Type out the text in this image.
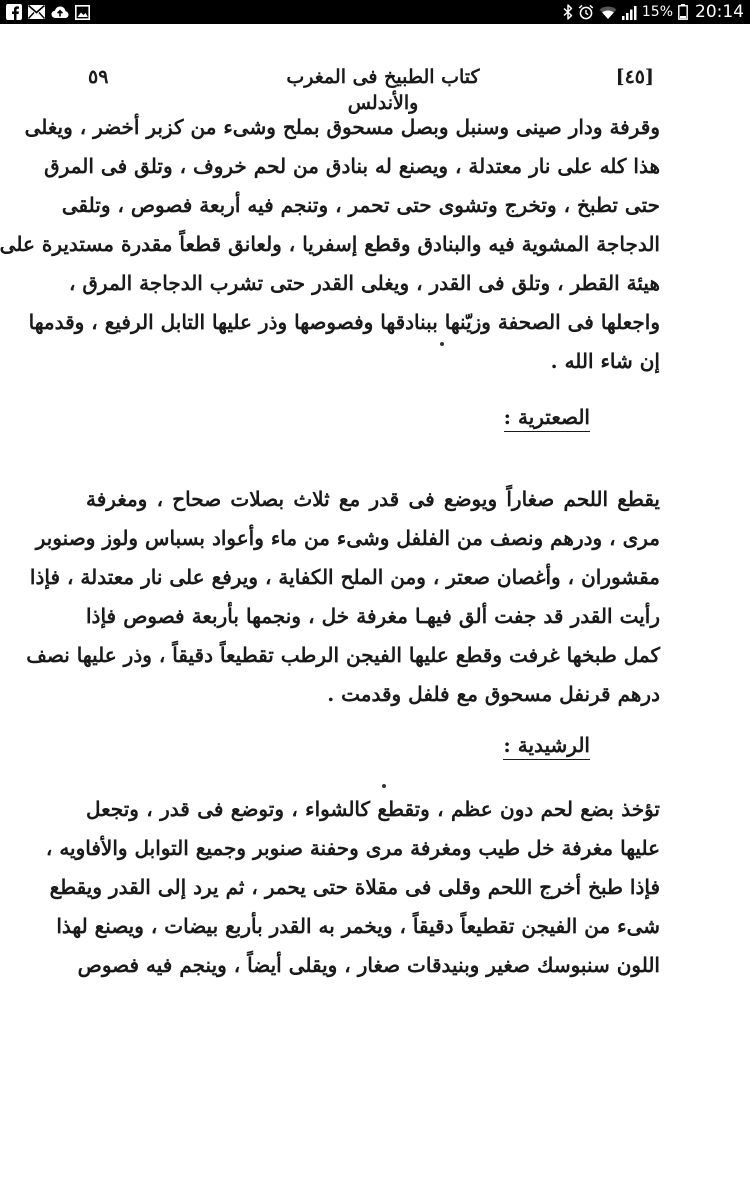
15% 20:14
٥٩	كتاب الطبيخ فى المغرب والأندلس
[٤٥]

وقرفة ودار صينى وسنبل وبصل مسحوق بملح وشىء من كزبر أخضر ، ويغلى
هذا كله على نار معتدلة ، ويصنع له بنادق من لحم خروف ، وتلق فى المرق
حتى تطبخ ، وتخرج وتشوى حتى تحمر ، وتنجم فيه أربعة فصوص ، وتلقى
الدجاجة المشوية فيه والبنادق وقطع إسفريا ، ولعانق قطعاً مقدرة مستديرة على
هيئة القطر ، وتلق فى القدر ، ويغلى القدر حتى تشرب الدجاجة المرق ،
واجعلها فى الصحفة وزيّنها ببنادقها وفصوصها وذر عليها التابل الرفيع ، وقدمها
إن شاء الله .

الصعترية :

يقطع اللحم صغاراً ويوضع فى قدر مع ثلاث بصلات صحاح ، ومغرفة
مرى ، ودرهم ونصف من الفلفل وشىء من ماء وأعواد بسباس ولوز وصنوبر
مقشوران ، وأغصان صعتر ، ومن الملح الكفاية ، ويرفع على نار معتدلة ، فإذا
رأيت القدر قد جفت ألق فيهـا مغرفة خل ، ونجمها بأربعة فصوص فإذا
كمل طبخها غرفت وقطع عليها الفيجن الرطب تقطيعاً دقيقاً ، وذر عليها نصف
درهم قرنفل مسحوق مع فلفل وقدمت .

الرشيدية :

تؤخذ بضع لحم دون عظم ، وتقطع كالشواء ، وتوضع فى قدر ، وتجعل
عليها مغرفة خل طيب ومغرفة مرى وحفنة صنوبر وجميع التوابل والأفاويه ،
فإذا طبخ أخرج اللحم وقلى فى مقلاة حتى يحمر ، ثم يرد إلى القدر ويقطع
شىء من الفيجن تقطيعاً دقيقاً ، ويخمر به القدر بأربع بيضات ، ويصنع لهذا
اللون سنبوسك صغير وبنيدقات صغار ، ويقلى أيضاً ، وينجم فيه فصوص
